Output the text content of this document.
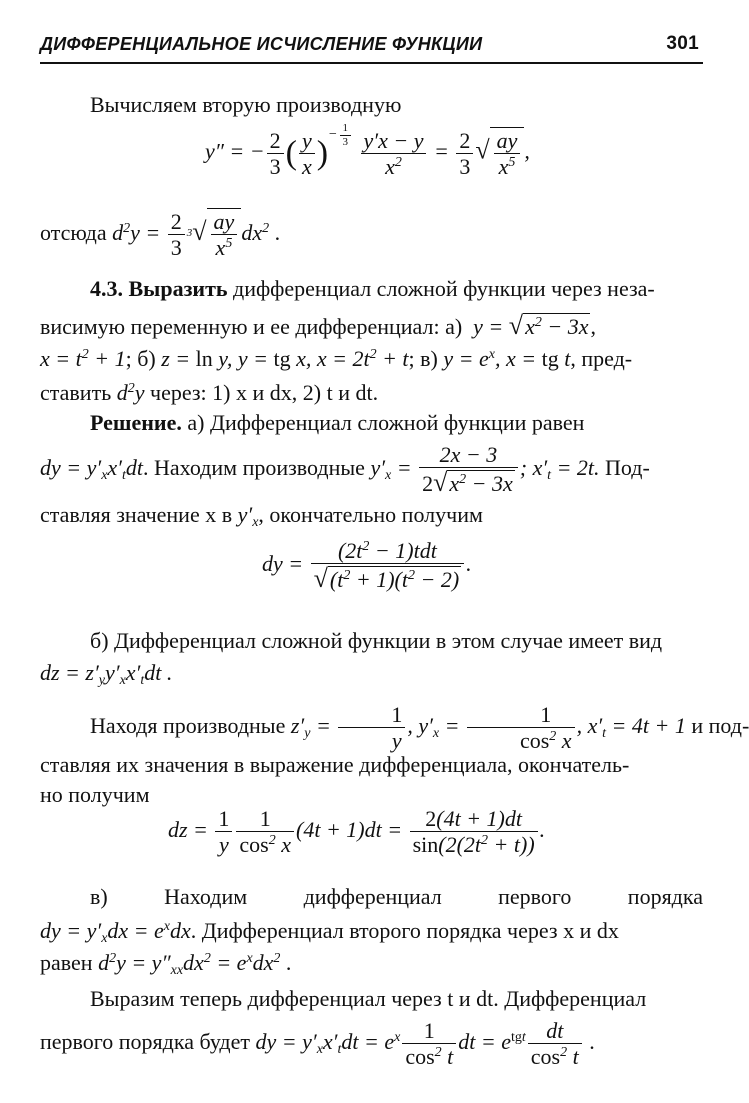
ДИФФЕРЕНЦИАЛЬНОЕ ИСЧИСЛЕНИЕ ФУНКЦИИ	301
Вычисляем вторую производную
y″ = − $\frac{2}{3}$ ( $\frac{y}{x} )^{- \frac{1}{3}}$
$\frac{y'x - y}{x^2} = \frac{2}{3}$ √ $\frac{ay}{x^5}$ ,
отсюда $d^2y = \frac{2}{3} ^3√ \frac{ay}{x^5} dx^2$ .
4.3. Выразить дифференциал сложной функции через неза-
висимую переменную и ее дифференциал: а) $y = √x^2 - 3x$,
$x = t^2 + 1$; б) z = ln y, y = tg x, $x = 2t^2 + t$; в) $y = e^x$, x = tg t, пред-
ставить $d^2y$ через: 1) x и dx, 2) t и dt.
Решение. а) Дифференциал сложной функции равен
dy = $y'_xx'_tdt$. Находим производные $y'_x = \frac{2x - 3}{2√x^2 - 3x}$ ; $x'_t = 2t$. Под-
ставляя значение x в $y'_x$, окончательно получим
dy = $\frac{(2t^2 - 1)tdt}{√(t^2 + 1)(t^2 - 2)}$ .
б) Дифференциал сложной функции в этом случае имеет вид
dz = $z'_yy'_xx'_tdt$ .
Находя производные $z'_y = \frac{1}{y}$ , $y'_x = \frac{1}{\cos^2 x}$ , $x'_t = 4t + 1$ и под-
ставляя их значения в выражение дифференциала, окончатель-
но получим
dz = $\frac{1}{y} \frac{1}{\cos^2 x} (4t + 1)dt = \frac{2(4t + 1)dt}{\sin(2(2t^2 + t))}$ .
в) Находим дифференциал первого порядка
dy = $y'_xdx = e^xdx$. Дифференциал второго порядка через x и dx
равен $d^2y = y''_{xx}dx^2 = e^xdx^2$ .
Выразим теперь дифференциал через t и dt. Дифференциал
первого порядка будет dy = $y'_xx'_tdt = e^x \frac{1}{\cos^2 t}$ dt = $e^{tgt} \frac{dt}{\cos^2 t}$ .
